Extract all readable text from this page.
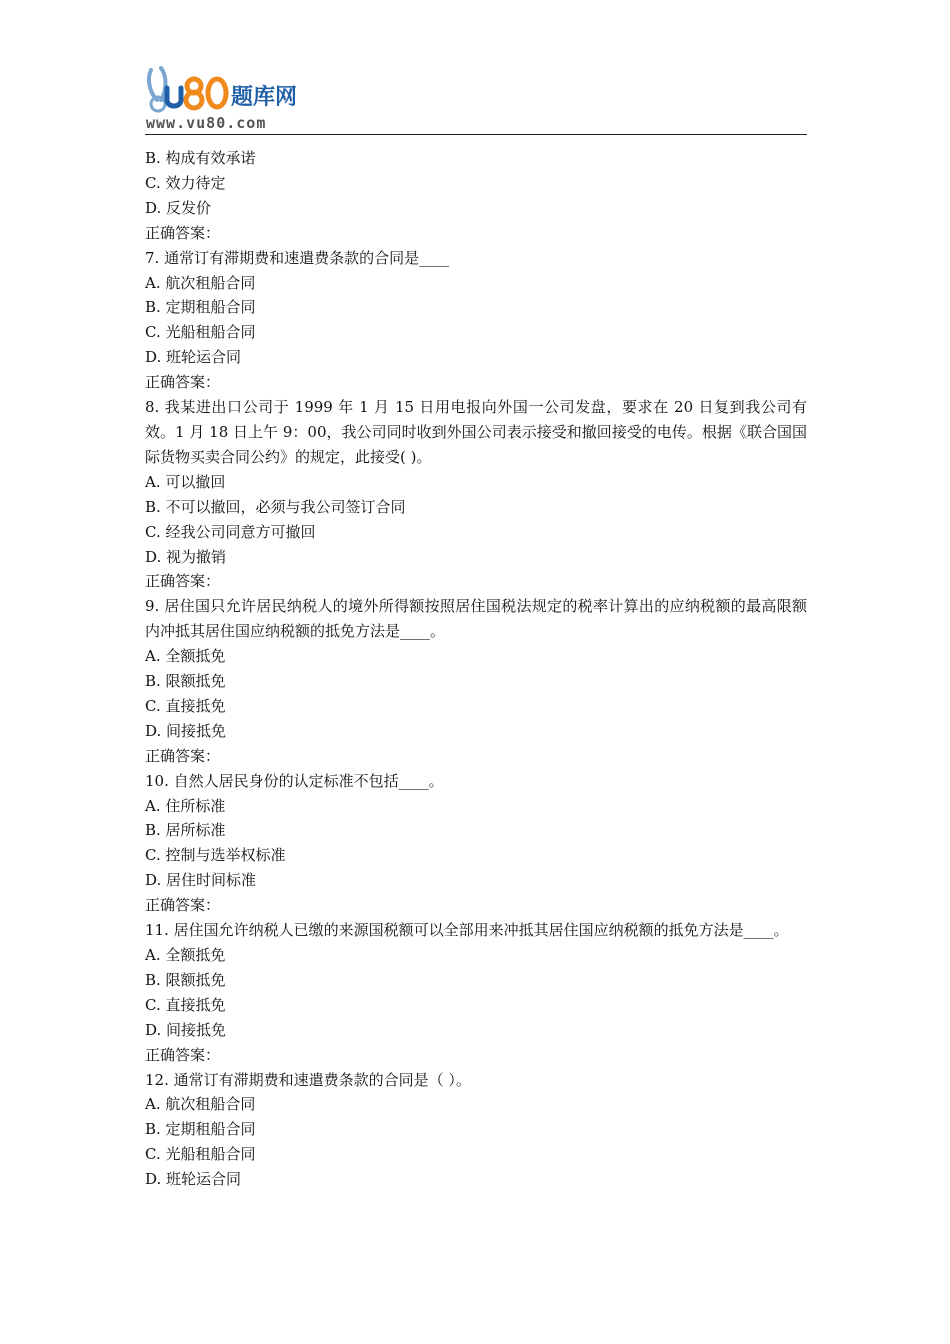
题库网
www.vu80.com

B. 构成有效承诺

C. 效力待定

D. 反发价

正确答案：

7. 通常订有滞期费和速遣费条款的合同是____

A. 航次租船合同

B. 定期租船合同

C. 光船租船合同

D. 班轮运合同

正确答案：

8. 我某进出口公司于 1999 年 1 月 15 日用电报向外国一公司发盘，要求在 20 日复到我公司有效。1 月 18 日上午 9：00，我公司同时收到外国公司表示接受和撤回接受的电传。根据《联合国国际货物买卖合同公约》的规定，此接受( )。

A. 可以撤回

B. 不可以撤回，必须与我公司签订合同

C. 经我公司同意方可撤回

D. 视为撤销

正确答案：

9. 居住国只允许居民纳税人的境外所得额按照居住国税法规定的税率计算出的应纳税额的最高限额内冲抵其居住国应纳税额的抵免方法是____。

A. 全额抵免

B. 限额抵免

C. 直接抵免

D. 间接抵免

正确答案：

10. 自然人居民身份的认定标准不包括____。

A. 住所标准

B. 居所标准

C. 控制与选举权标准

D. 居住时间标准

正确答案：

11. 居住国允许纳税人已缴的来源国税额可以全部用来冲抵其居住国应纳税额的抵免方法是____。

A. 全额抵免

B. 限额抵免

C. 直接抵免

D. 间接抵免

正确答案：

12. 通常订有滞期费和速遣费条款的合同是（ ）。

A. 航次租船合同

B. 定期租船合同

C. 光船租船合同

D. 班轮运合同
